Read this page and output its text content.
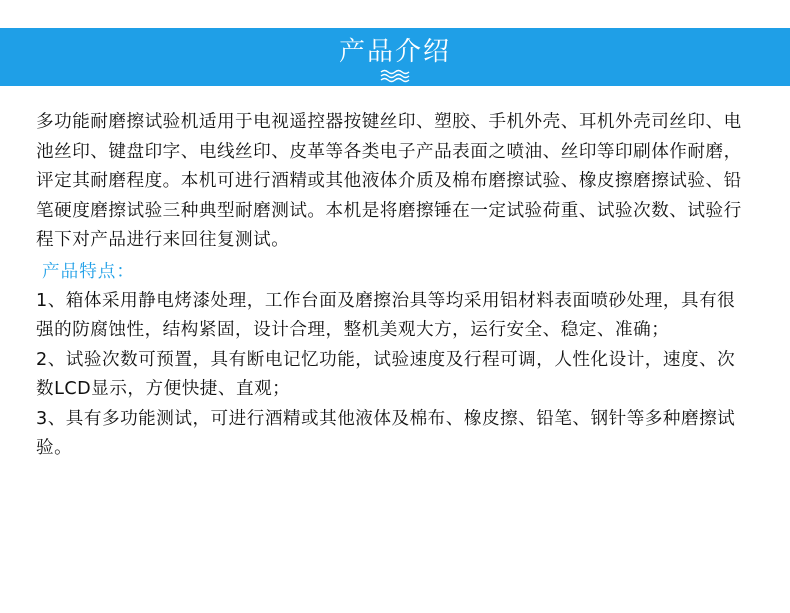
产品介绍

多功能耐磨擦试验机适用于电视遥控器按键丝印、塑胶、手机外壳、耳机外壳司丝印、电池丝印、键盘印字、电线丝印、皮革等各类电子产品表面之喷油、丝印等印刷体作耐磨，评定其耐磨程度。本机可进行酒精或其他液体介质及棉布磨擦试验、橡皮擦磨擦试验、铅笔硬度磨擦试验三种典型耐磨测试。本机是将磨擦锤在一定试验荷重、试验次数、试验行程下对产品进行来回往复测试。

产品特点：

1、箱体采用静电烤漆处理，工作台面及磨擦治具等均采用铝材料表面喷砂处理，具有很强的防腐蚀性，结构紧固，设计合理，整机美观大方，运行安全、稳定、准确；

2、试验次数可预置，具有断电记忆功能，试验速度及行程可调，人性化设计，速度、次数LCD显示，方便快捷、直观；

3、具有多功能测试，可进行酒精或其他液体及棉布、橡皮擦、铅笔、钢针等多种磨擦试验。
